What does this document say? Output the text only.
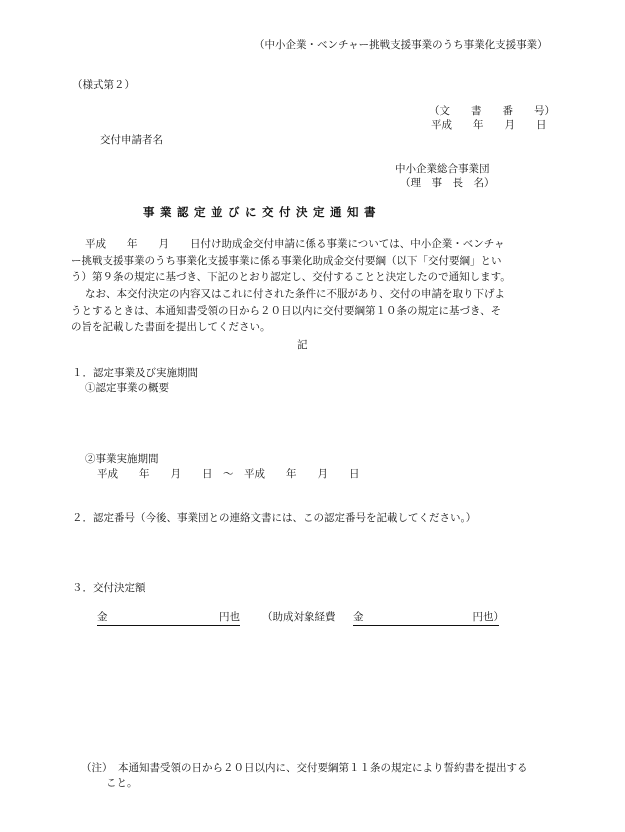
（中小企業・ベンチャー挑戦支援事業のうち事業化支援事業）
（様式第２）
（文　　書　　番　　号）
平成　　年　　月　　日
交付申請者名
中小企業総合事業団
（理　事　長　名）
事業認定並びに交付決定通知書
平成　　年　　月　　日付け助成金交付申請に係る事業については、中小企業・ベンチャ
ー挑戦支援事業のうち事業化支援事業に係る事業化助成金交付要綱（以下「交付要綱」とい
う）第９条の規定に基づき、下記のとおり認定し、交付することと決定したので通知します。
なお、本交付決定の内容又はこれに付された条件に不服があり、交付の申請を取り下げよ
うとするときは、本通知書受領の日から２０日以内に交付要綱第１０条の規定に基づき、そ
の旨を記載した書面を提出してください。
記
１．認定事業及び実施期間
①認定事業の概要
②事業実施期間
平成　　年　　月　　日　〜　平成　　年　　月　　日
２．認定番号（今後、事業団との連絡文書には、この認定番号を記載してください。）
３．交付決定額
金	円也 （助成対象経費 金	円也）
（注） 本通知書受領の日から２０日以内に、交付要綱第１１条の規定により誓約書を提出する
こと。
